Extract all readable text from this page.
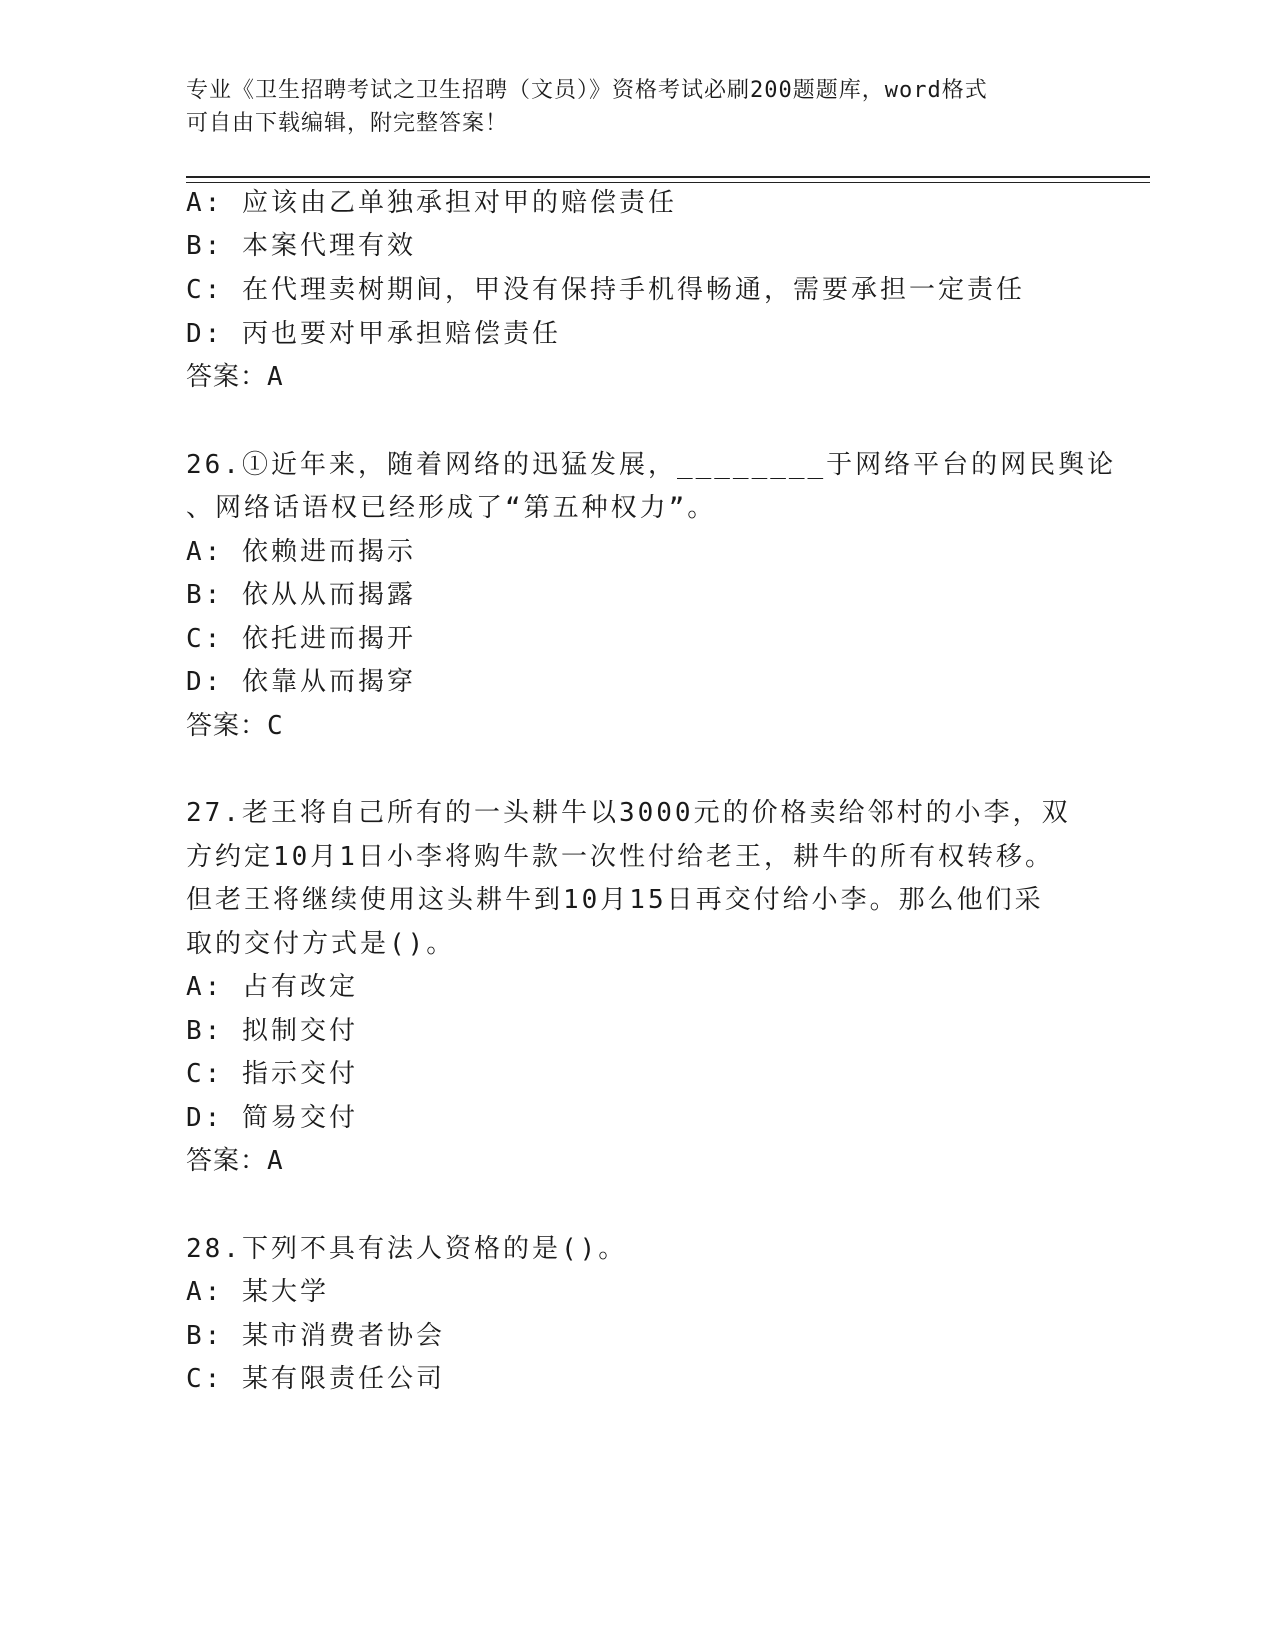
专业《卫生招聘考试之卫生招聘（文员）》资格考试必刷200题题库，word格式
可自由下载编辑，附完整答案！
A: 应该由乙单独承担对甲的赔偿责任
B: 本案代理有效
C: 在代理卖树期间，甲没有保持手机得畅通，需要承担一定责任
D: 丙也要对甲承担赔偿责任
答案：A
26.①近年来，随着网络的迅猛发展，________于网络平台的网民舆论
、网络话语权已经形成了“第五种权力”。
A: 依赖进而揭示
B: 依从从而揭露
C: 依托进而揭开
D: 依靠从而揭穿
答案：C
27.老王将自己所有的一头耕牛以3000元的价格卖给邻村的小李，双
方约定10月1日小李将购牛款一次性付给老王，耕牛的所有权转移。
但老王将继续使用这头耕牛到10月15日再交付给小李。那么他们采
取的交付方式是()。
A: 占有改定
B: 拟制交付
C: 指示交付
D: 简易交付
答案：A
28.下列不具有法人资格的是()。
A: 某大学
B: 某市消费者协会
C: 某有限责任公司
